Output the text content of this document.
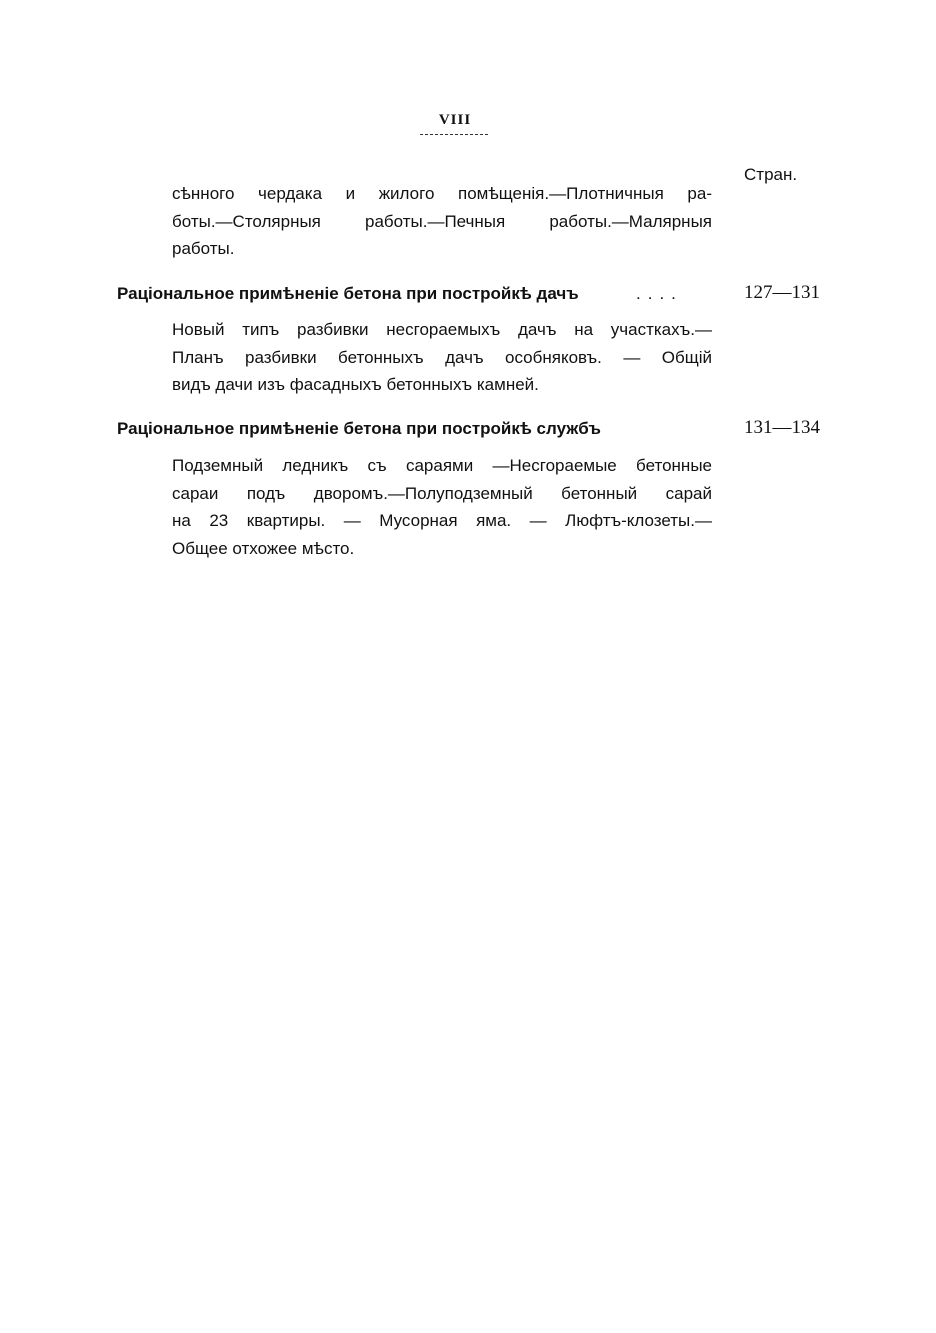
VIII
Стран.
сѣнного чердака и жилого помѣщенія.—Плотничныя ра-
боты.—Столярныя работы.—Печныя работы.—Малярныя
работы.
Раціональное примѣненіе бетона при постройкѣ дачъ	....	127—131
Новый типъ разбивки несгораемыхъ дачъ на участкахъ.—
Планъ разбивки бетонныхъ дачъ особняковъ. — Общій
видъ дачи изъ фасадныхъ бетонныхъ камней.
Раціональное примѣненіе бетона при постройкѣ службъ	131—134
Подземный ледникъ съ сараями —Несгораемые бетонные
сараи подъ дворомъ.—Полуподземный бетонный сарай
на 23 квартиры. — Мусорная яма. — Люфтъ-клозеты.—
Общее отхожее мѣсто.
